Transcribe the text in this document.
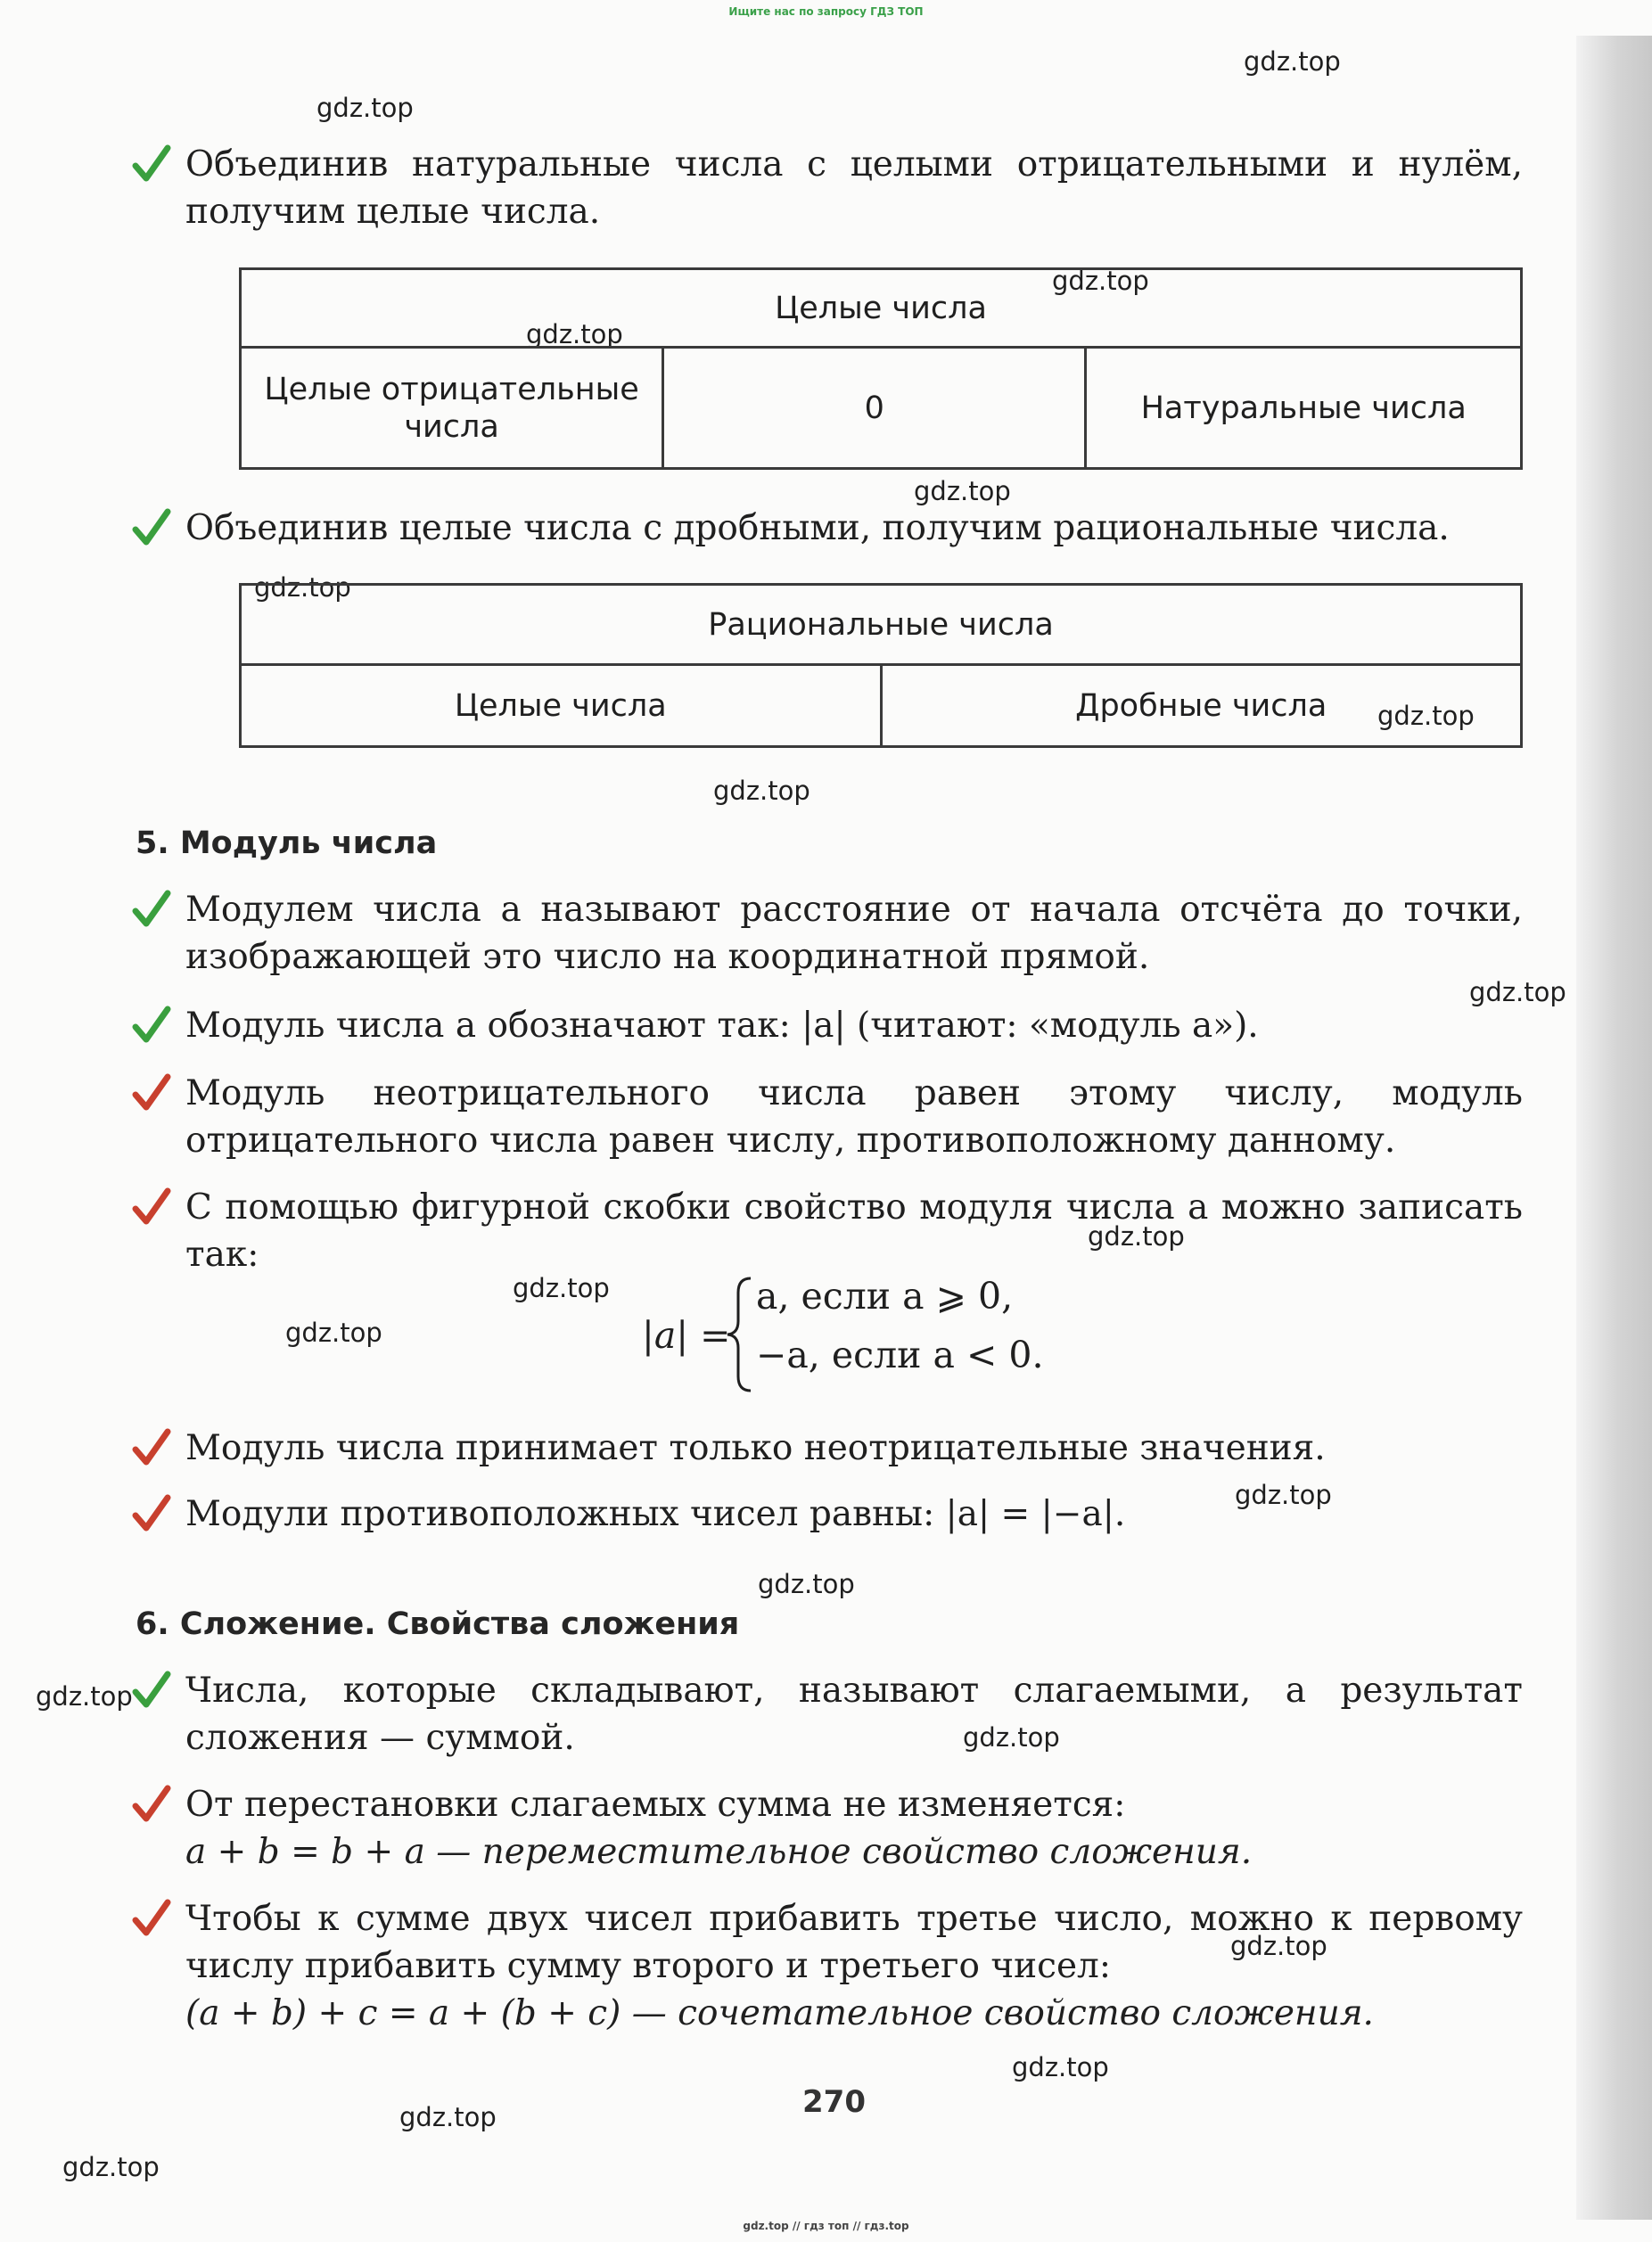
Ищите нас по запросу ГДЗ ТОП
gdz.top
gdz.top
gdz.top
gdz.top
gdz.top
gdz.top
gdz.top
gdz.top
gdz.top
gdz.top
gdz.top
gdz.top
gdz.top
gdz.top
gdz.top
gdz.top
gdz.top
gdz.top
gdz.top
gdz.top
Объединив натуральные числа с целыми отрицательными и нулём, получим целые числа.
Целые числа
Целые отрицательные числа	0	Натуральные числа
Объединив целые числа с дробными, получим рациональные числа.
Рациональные числа
Целые числа	Дробные числа
5. Модуль числа
Модулем числа a называют расстояние от начала отсчёта до точки, изображающей это число на координатной прямой.
Модуль числа a обозначают так: |a| (читают: «модуль a»).
Модуль неотрицательного числа равен этому числу, модуль отрицательного числа равен числу, противоположному данному.
С помощью фигурной скобки свойство модуля числа a можно записать так:
|a| =
a, если a ⩾ 0,
−a, если a < 0.
Модуль числа принимает только неотрицательные значения.
Модули противоположных чисел равны: |a| = |−a|.
6. Сложение. Свойства сложения
Числа, которые складывают, называют слагаемыми, а результат сложения — суммой.
От перестановки слагаемых сумма не изменяется:
a + b = b + a — переместительное свойство сложения.
Чтобы к сумме двух чисел прибавить третье число, можно к первому числу прибавить сумму второго и третьего чисел:
(a + b) + c = a + (b + c) — сочетательное свойство сложения.
270
gdz.top // гдз топ // гдз.top
